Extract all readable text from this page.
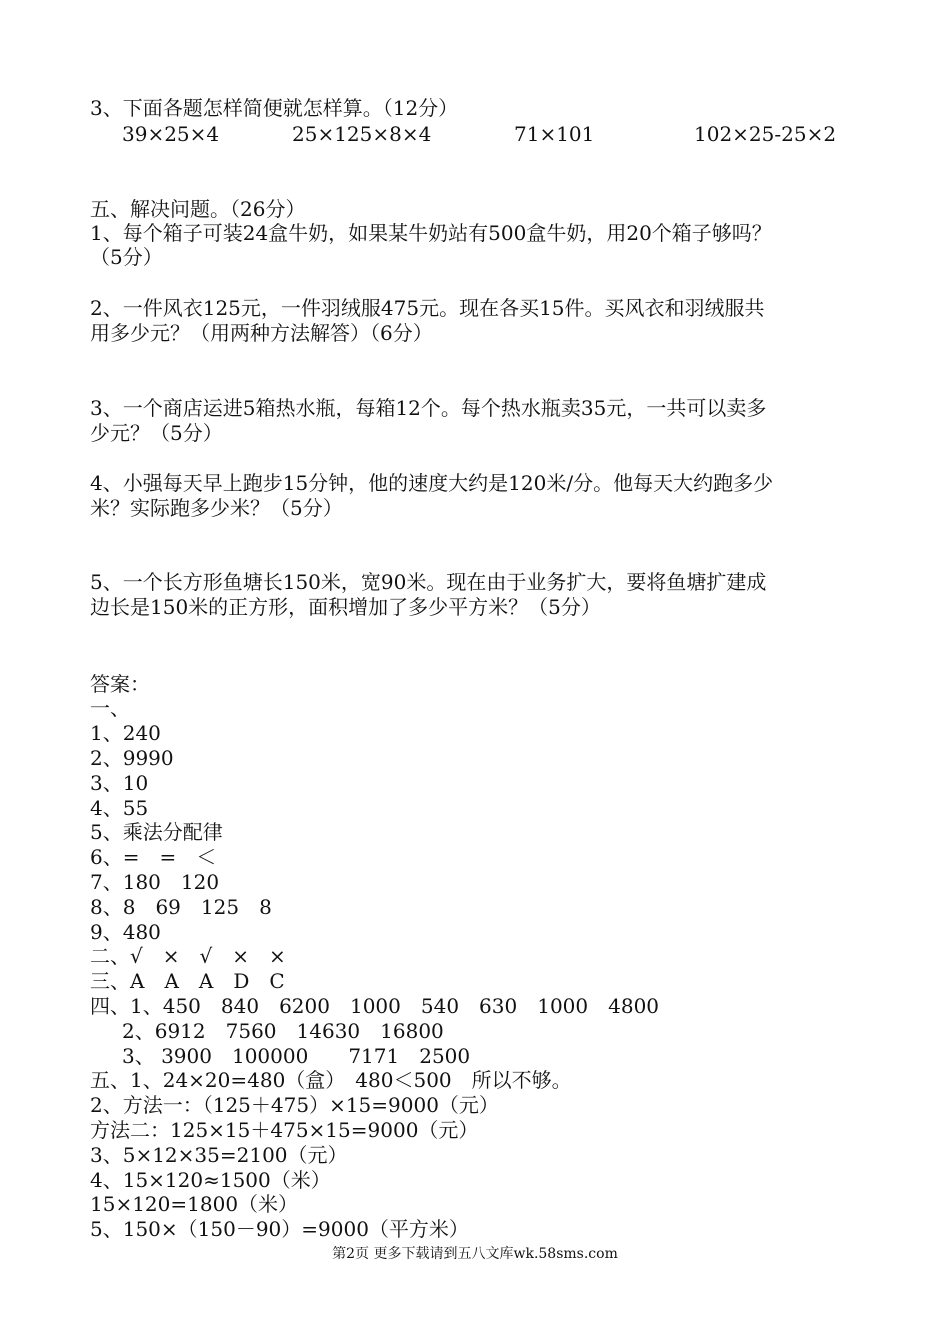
3、下面各题怎样简便就怎样算。（12分）
39×25×4	25×125×8×4	71×101	102×25-25×2
五、解决问题。（26分）
1、每个箱子可装24盒牛奶，如果某牛奶站有500盒牛奶，用20个箱子够吗？
（5分）
2、一件风衣125元，一件羽绒服475元。现在各买15件。买风衣和羽绒服共
用多少元？（用两种方法解答）（6分）
3、一个商店运进5箱热水瓶，每箱12个。每个热水瓶卖35元，一共可以卖多
少元？（5分）
4、小强每天早上跑步15分钟，他的速度大约是120米/分。他每天大约跑多少
米？实际跑多少米？（5分）
5、一个长方形鱼塘长150米，宽90米。现在由于业务扩大，要将鱼塘扩建成
边长是150米的正方形，面积增加了多少平方米？（5分）
答案：
一、
1、240
2、9990
3、10
4、55
5、乘法分配律
6、=　=　＜
7、180　120
8、8　69　125　8
9、480
二、√　×　√　×　×
三、A　A　A　D　C
四、1、450　840　6200　1000　540　630　1000　4800
2、6912　7560　14630　16800
3、 3900　100000　　7171　2500
五、1、24×20=480（盒）　480＜500　所以不够。
2、方法一：（125＋475）×15=9000（元）
方法二：125×15＋475×15=9000（元）
3、5×12×35=2100（元）
4、15×120≈1500（米）
15×120=1800（米）
5、150×（150－90）=9000（平方米）
第2页 更多下载请到五八文库wk.58sms.com
